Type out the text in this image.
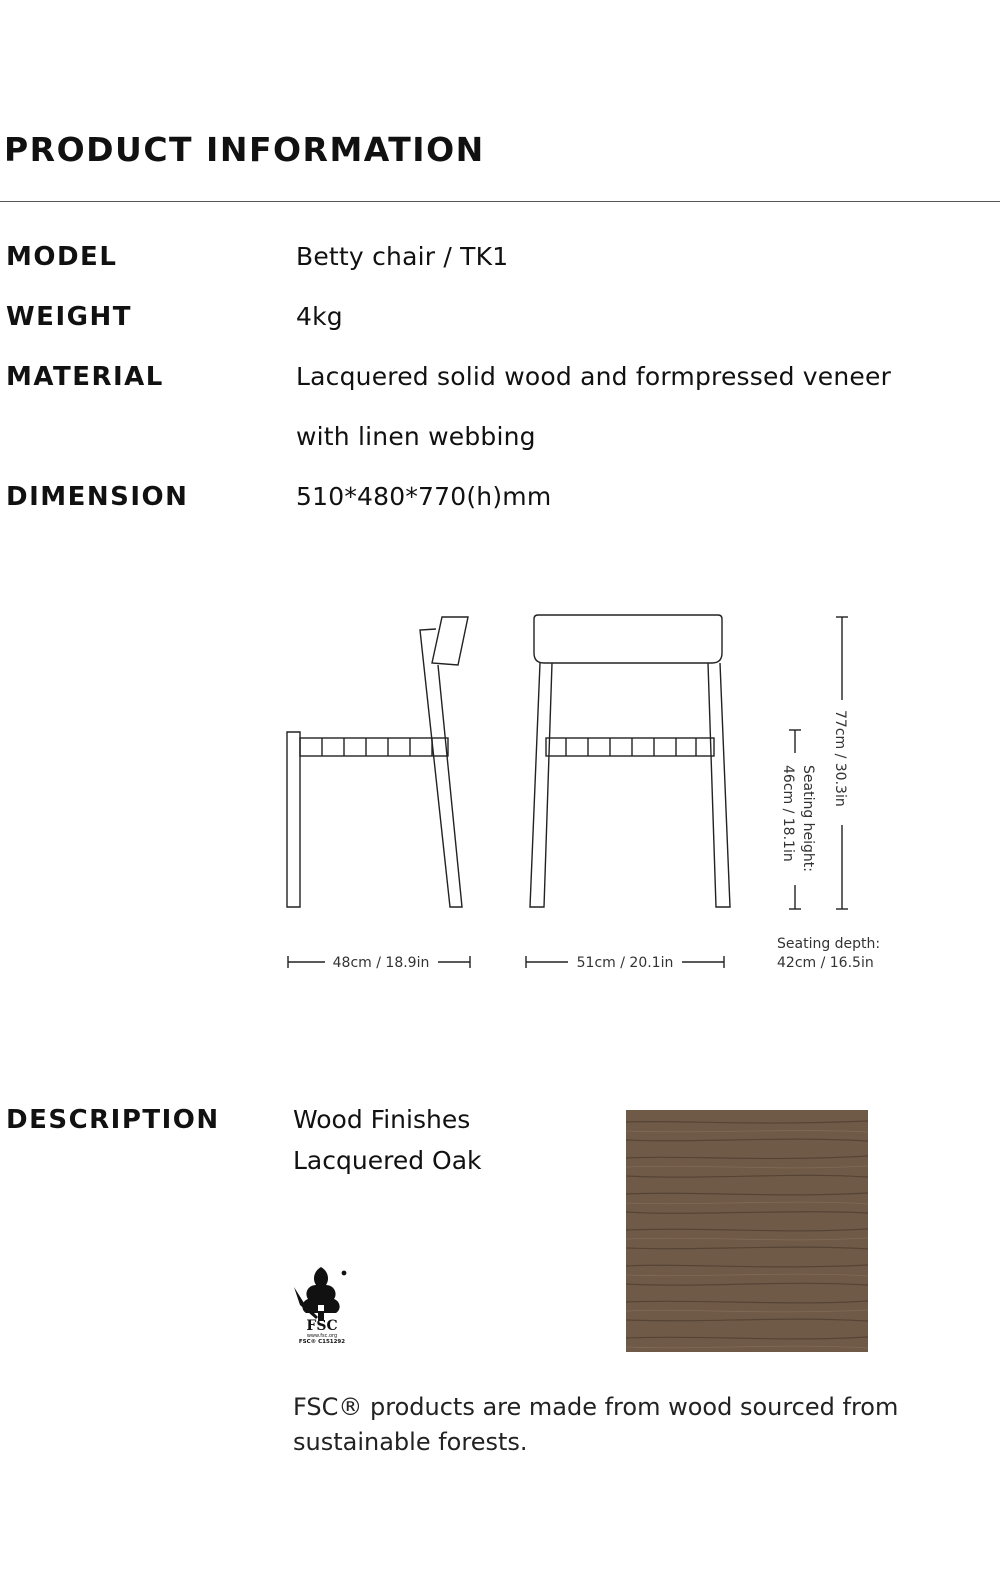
PRODUCT INFORMATION
MODEL	Betty chair / TK1
WEIGHT	4kg
MATERIAL	Lacquered solid wood and formpressed veneer
with linen webbing
DIMENSION	510*480*770(h)mm
48cm / 18.9in	51cm / 20.1in
77cm / 30.3in
Seating height:
46cm / 18.1in
Seating depth:
42cm / 16.5in
DESCRIPTION	Wood Finishes
Lacquered Oak
FSC
www.fsc.org
FSC® C151292
FSC® products are made from wood sourced from sustainable forests.
